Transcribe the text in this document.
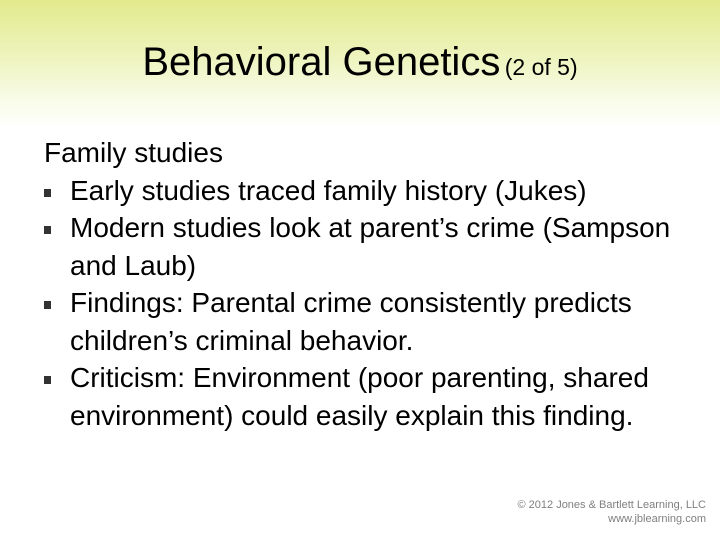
Behavioral Genetics (2 of 5)
Family studies
Early studies traced family history (Jukes)
Modern studies look at parent’s crime (Sampson and Laub)
Findings: Parental crime consistently predicts children’s criminal behavior.
Criticism: Environment (poor parenting, shared environment) could easily explain this finding.
© 2012 Jones & Bartlett Learning, LLC
www.jblearning.com
